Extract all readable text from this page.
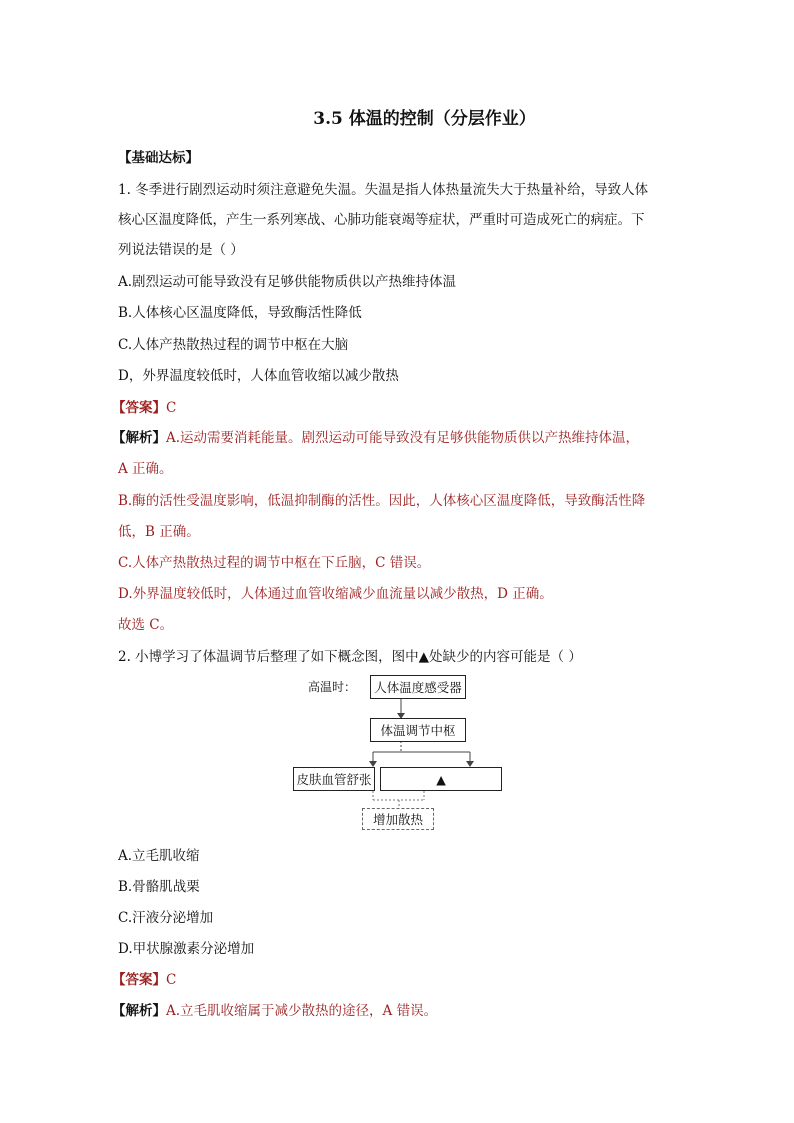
3.5 体温的控制（分层作业）
【基础达标】
1. 冬季进行剧烈运动时须注意避免失温。失温是指人体热量流失大于热量补给，导致人体
核心区温度降低，产生一系列寒战、心肺功能衰竭等症状，严重时可造成死亡的病症。下
列说法错误的是（ ）
A.剧烈运动可能导致没有足够供能物质供以产热维持体温
B.人体核心区温度降低，导致酶活性降低
C.人体产热散热过程的调节中枢在大脑
D，外界温度较低时，人体血管收缩以减少散热
【答案】C
【解析】A.运动需要消耗能量。剧烈运动可能导致没有足够供能物质供以产热维持体温，
A 正确。
B.酶的活性受温度影响，低温抑制酶的活性。因此，人体核心区温度降低，导致酶活性降
低，B 正确。
C.人体产热散热过程的调节中枢在下丘脑，C 错误。
D.外界温度较低时，人体通过血管收缩减少血流量以减少散热，D 正确。
故选 C。
2. 小博学习了体温调节后整理了如下概念图，图中▲处缺少的内容可能是（ ）
高温时：	人体温度感受器
体温调节中枢
皮肤血管舒张	▲
增加散热
A.立毛肌收缩
B.骨骼肌战栗
C.汗液分泌增加
D.甲状腺激素分泌增加
【答案】C
【解析】A.立毛肌收缩属于减少散热的途径，A 错误。
